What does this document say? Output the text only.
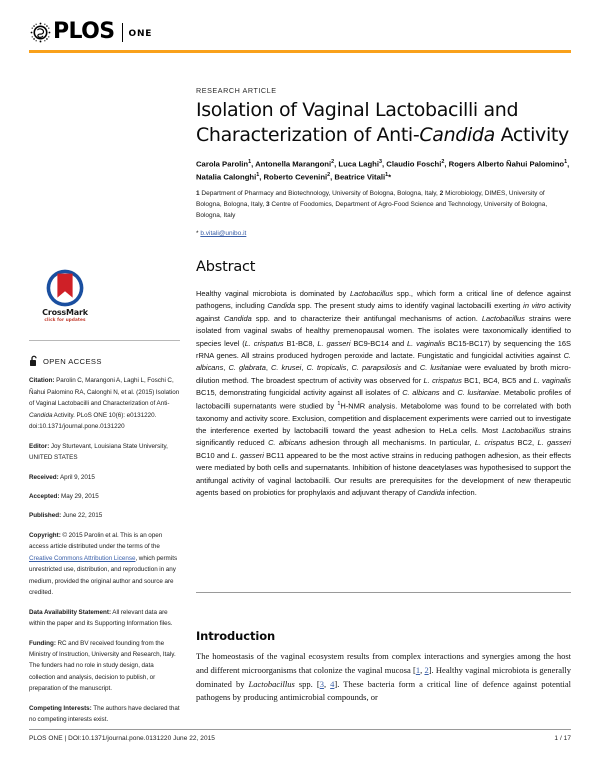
PLOS ONE
CrossMark
click for updates
OPEN ACCESS
Citation: Parolin C, Marangoni A, Laghi L, Foschi C, Ñahui Palomino RA, Calonghi N, et al. (2015) Isolation of Vaginal Lactobacilli and Characterization of Anti-Candida Activity. PLoS ONE 10(6): e0131220. doi:10.1371/journal.pone.0131220
Editor: Joy Sturtevant, Louisiana State University, UNITED STATES
Received: April 9, 2015
Accepted: May 29, 2015
Published: June 22, 2015
Copyright: © 2015 Parolin et al. This is an open access article distributed under the terms of the Creative Commons Attribution License, which permits unrestricted use, distribution, and reproduction in any medium, provided the original author and source are credited.
Data Availability Statement: All relevant data are within the paper and its Supporting Information files.
Funding: RC and BV received founding from the Ministry of Instruction, University and Research, Italy. The funders had no role in study design, data collection and analysis, decision to publish, or preparation of the manuscript.
Competing Interests: The authors have declared that no competing interests exist.
RESEARCH ARTICLE
Isolation of Vaginal Lactobacilli and
Characterization of Anti-Candida Activity
Carola Parolin$^1$, Antonella Marangoni$^2$, Luca Laghi$^3$, Claudio Foschi$^2$, Rogers Alberto Ñahui Palomino$^1$, Natalia Calonghi$^1$, Roberto Cevenini$^2$, Beatrice Vitali$^1$*
1 Department of Pharmacy and Biotechnology, University of Bologna, Bologna, Italy, 2 Microbiology, DIMES, University of Bologna, Bologna, Italy, 3 Centre of Foodomics, Department of Agro-Food Science and Technology, University of Bologna, Bologna, Italy
* b.vitali@unibo.it
Abstract
Healthy vaginal microbiota is dominated by Lactobacillus spp., which form a critical line of defence against pathogens, including Candida spp. The present study aims to identify vaginal lactobacilli exerting in vitro activity against Candida spp. and to characterize their antifungal mechanisms of action. Lactobacillus strains were isolated from vaginal swabs of healthy premenopausal women. The isolates were taxonomically identified to species level (L. crispatus B1-BC8, L. gasseri BC9-BC14 and L. vaginalis BC15-BC17) by sequencing the 16S rRNA genes. All strains produced hydrogen peroxide and lactate. Fungistatic and fungicidal activities against C. albicans, C. glabrata, C. krusei, C. tropicalis, C. parapsilosis and C. lusitaniae were evaluated by broth micro-dilution method. The broadest spectrum of activity was observed for L. crispatus BC1, BC4, BC5 and L. vaginalis BC15, demonstrating fungicidal activity against all isolates of C. albicans and C. lusitaniae. Metabolic profiles of lactobacilli supernatants were studied by $^1$H-NMR analysis. Metabolome was found to be correlated with both taxonomy and activity score. Exclusion, competition and displacement experiments were carried out to investigate the interference exerted by lactobacilli toward the yeast adhesion to HeLa cells. Most Lactobacillus strains significantly reduced C. albicans adhesion through all mechanisms. In particular, L. crispatus BC2, L. gasseri BC10 and L. gasseri BC11 appeared to be the most active strains in reducing pathogen adhesion, as their effects were mediated by both cells and supernatants. Inhibition of histone deacetylases was hypothesised to support the antifungal activity of vaginal lactobacilli. Our results are prerequisites for the development of new therapeutic agents based on probiotics for prophylaxis and adjuvant therapy of Candida infection.
Introduction
The homeostasis of the vaginal ecosystem results from complex interactions and synergies among the host and different microorganisms that colonize the vaginal mucosa [1, 2]. Healthy vaginal microbiota is generally dominated by Lactobacillus spp. [3, 4]. These bacteria form a critical line of defence against potential pathogens by producing antimicrobial compounds, or
PLOS ONE | DOI:10.1371/journal.pone.0131220 June 22, 2015	1 / 17
